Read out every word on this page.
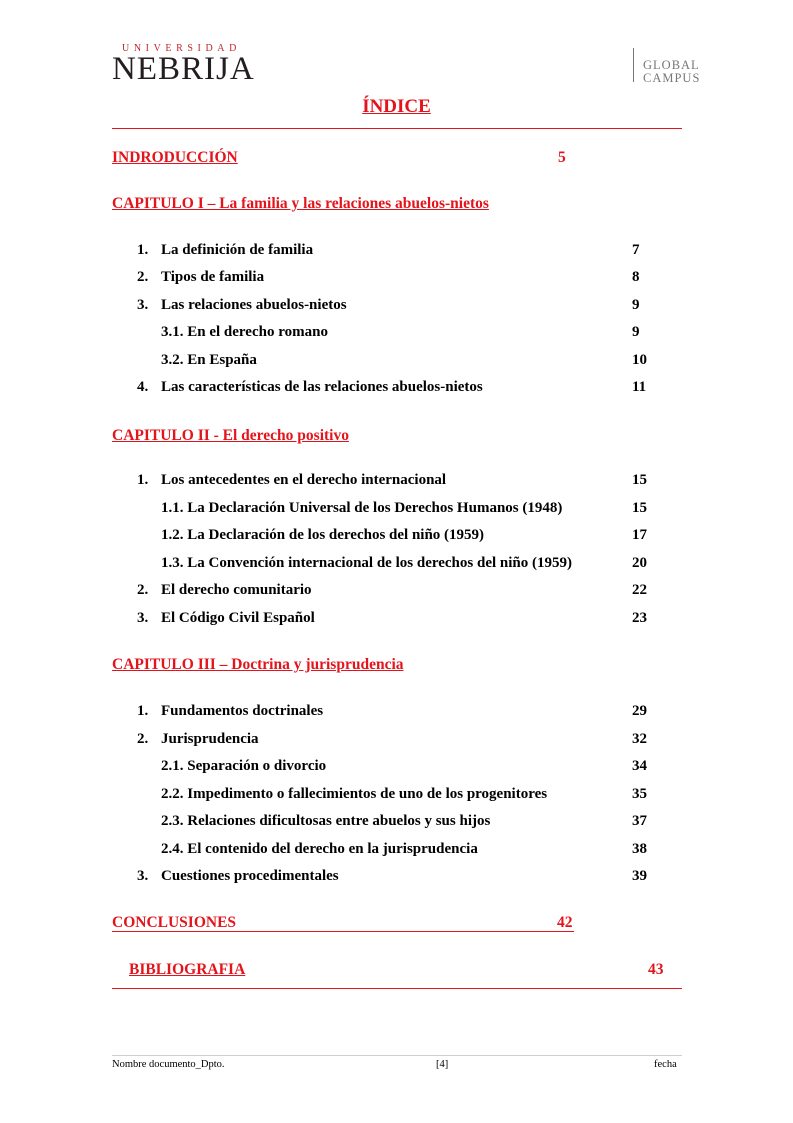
UNIVERSIDAD
NEBRIJA	GLOBAL
CAMPUS
ÍNDICE
INDRODUCCIÓN	5
CAPITULO I – La familia y las relaciones abuelos-nietos
1. La definición de familia	7
2. Tipos de familia	8
3. Las relaciones abuelos-nietos	9
3.1. En el derecho romano	9
3.2. En España	10
4. Las características de las relaciones abuelos-nietos	11
CAPITULO II - El derecho positivo
1. Los antecedentes en el derecho internacional	15
1.1. La Declaración Universal de los Derechos Humanos (1948)	15
1.2. La Declaración de los derechos del niño (1959)	17
1.3. La Convención internacional de los derechos del niño (1959)	20
2. El derecho comunitario	22
3. El Código Civil Español	23
CAPITULO III – Doctrina y jurisprudencia
1. Fundamentos doctrinales	29
2. Jurisprudencia	32
2.1. Separación o divorcio	34
2.2. Impedimento o fallecimientos de uno de los progenitores	35
2.3. Relaciones dificultosas entre abuelos y sus hijos	37
2.4. El contenido del derecho en la jurisprudencia	38
3. Cuestiones procedimentales	39
CONCLUSIONES	42
BIBLIOGRAFIA	43
Nombre documento_Dpto.	[4]	fecha
